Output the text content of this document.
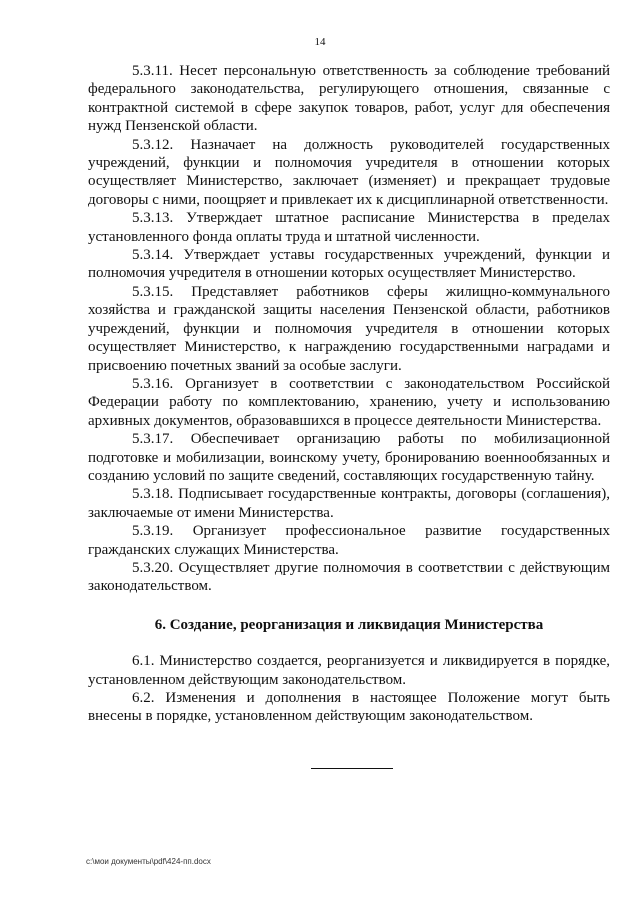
14

5.3.11. Несет персональную ответственность за соблюдение требований федерального законодательства, регулирующего отношения, связанные с контрактной системой в сфере закупок товаров, работ, услуг для обеспечения нужд Пензенской области.

5.3.12. Назначает на должность руководителей государственных учреждений, функции и полномочия учредителя в отношении которых осуществляет Министерство, заключает (изменяет) и прекращает трудовые договоры с ними, поощряет и привлекает их к дисциплинарной ответственности.

5.3.13. Утверждает штатное расписание Министерства в пределах установленного фонда оплаты труда и штатной численности.

5.3.14. Утверждает уставы государственных учреждений, функции и полномочия учредителя в отношении которых осуществляет Министерство.

5.3.15. Представляет работников сферы жилищно-коммунального хозяйства и гражданской защиты населения Пензенской области, работников учреждений, функции и полномочия учредителя в отношении которых осуществляет Министерство, к награждению государственными наградами и присвоению почетных званий за особые заслуги.

5.3.16. Организует в соответствии с законодательством Российской Федерации работу по комплектованию, хранению, учету и использованию архивных документов, образовавшихся в процессе деятельности Министерства.

5.3.17. Обеспечивает организацию работы по мобилизационной подготовке и мобилизации, воинскому учету, бронированию военнообязанных и созданию условий по защите сведений, составляющих государственную тайну.

5.3.18. Подписывает государственные контракты, договоры (соглашения), заключаемые от имени Министерства.

5.3.19. Организует профессиональное развитие государственных гражданских служащих Министерства.

5.3.20. Осуществляет другие полномочия в соответствии с действующим законодательством.

6. Создание, реорганизация и ликвидация Министерства

6.1. Министерство создается, реорганизуется и ликвидируется в порядке, установленном действующим законодательством.

6.2. Изменения и дополнения в настоящее Положение могут быть внесены в порядке, установленном действующим законодательством.

c:\мои документы\pdf\424-пп.docx
